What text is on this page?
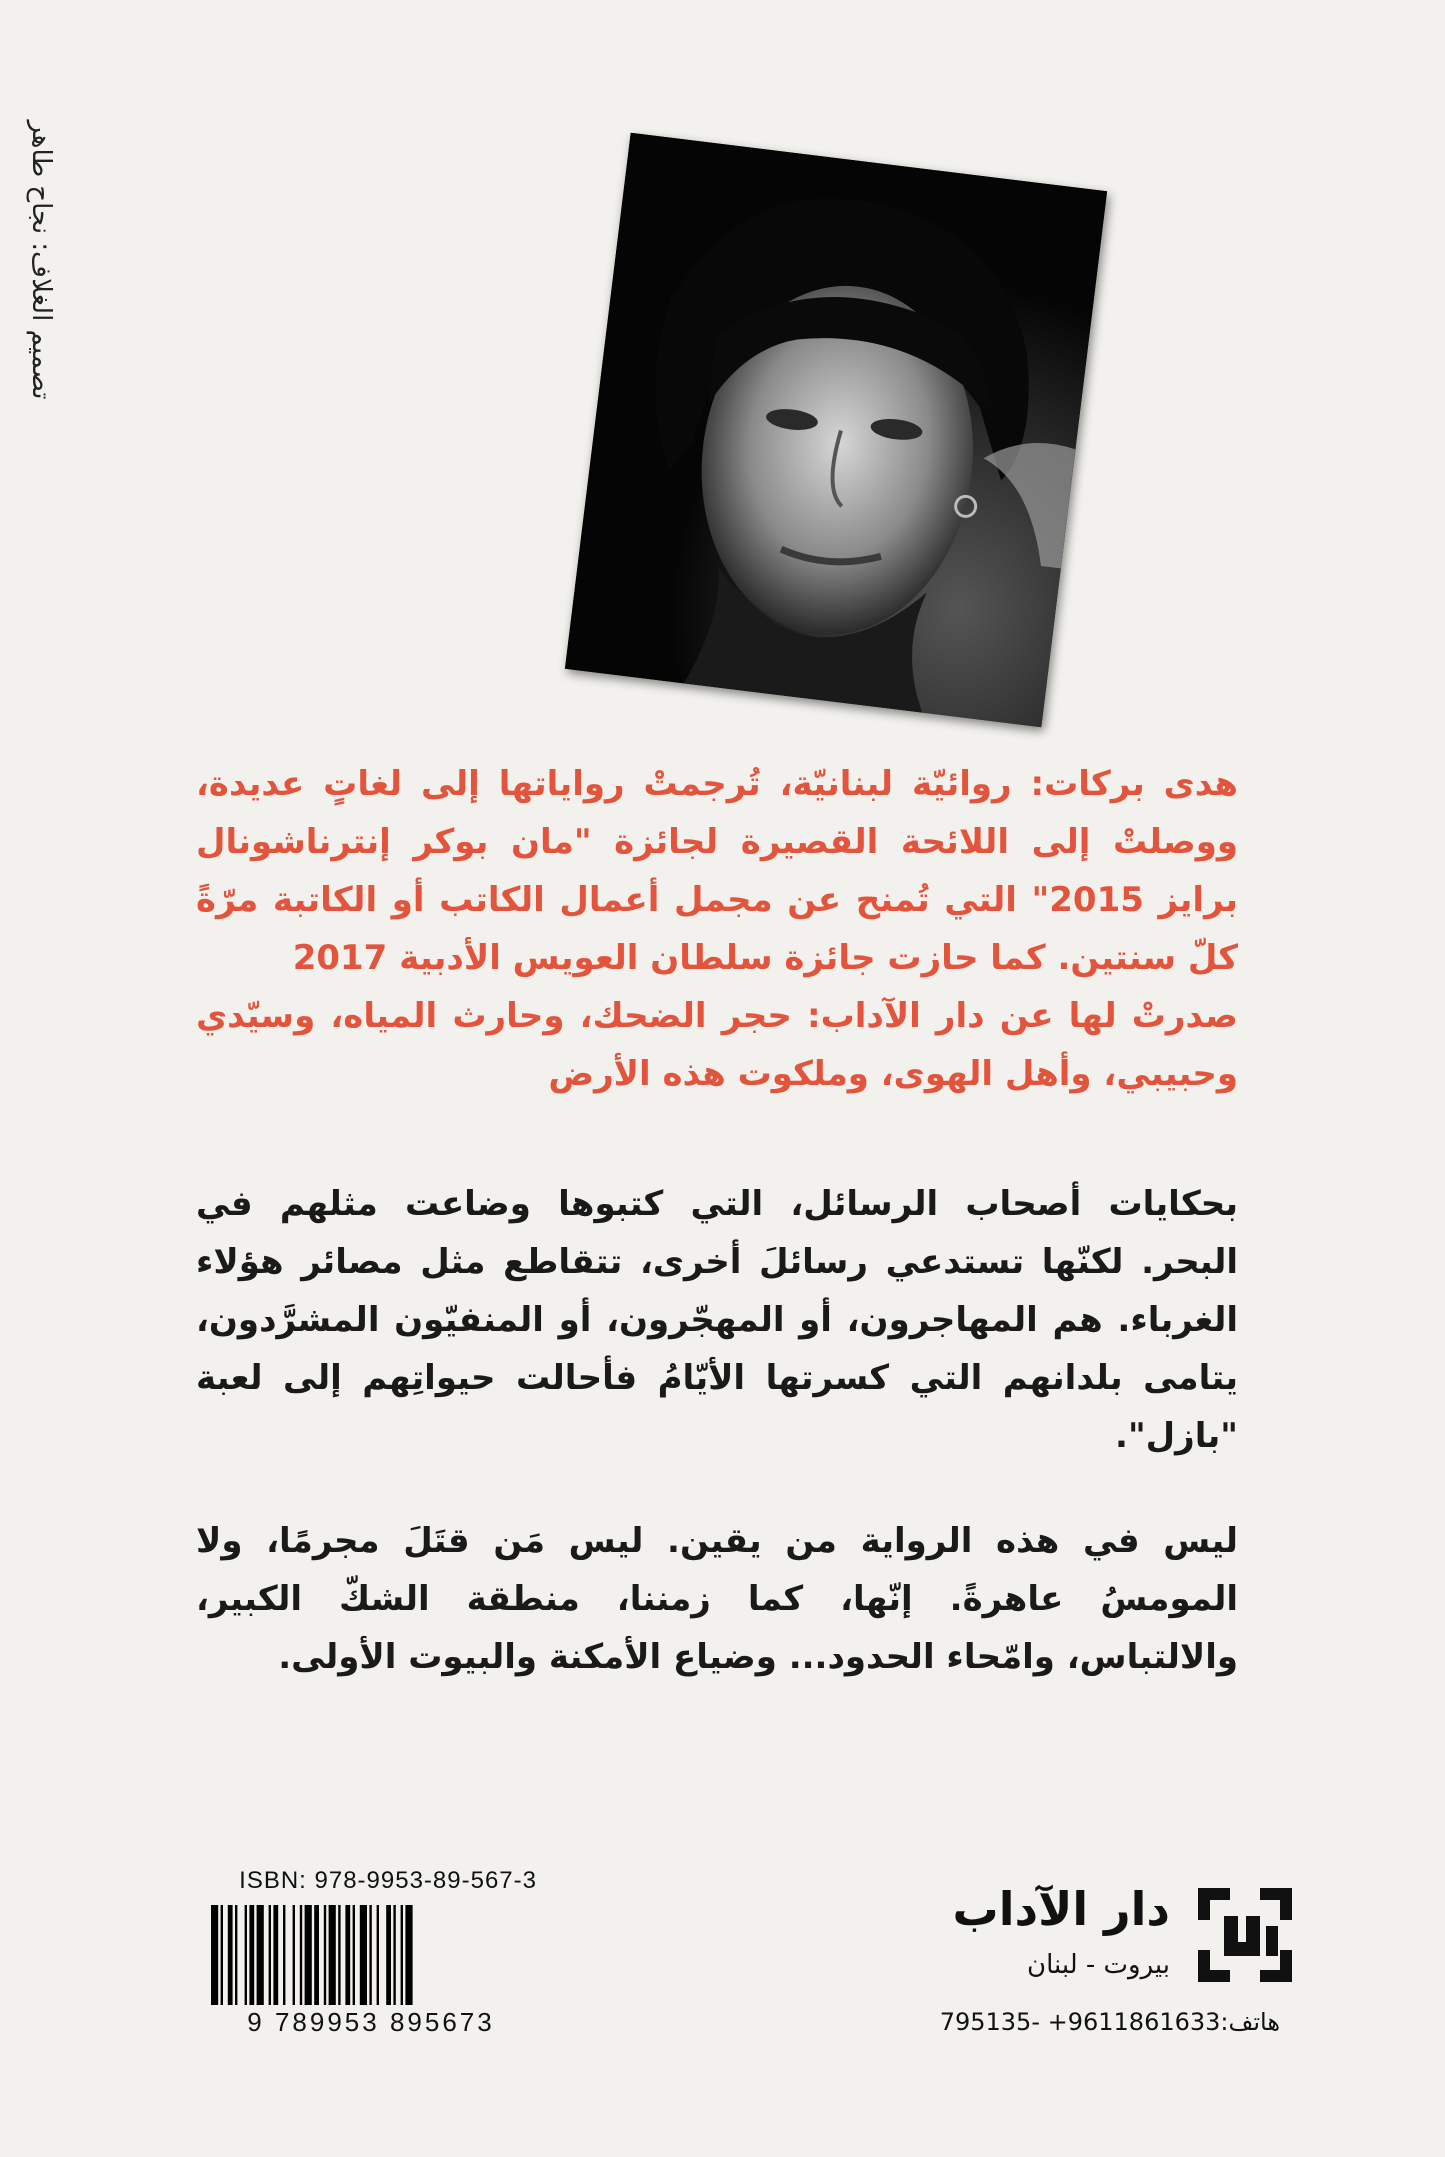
تصميم الغلاف: نجاح طاهر

هدى بركات: روائيّة لبنانيّة، تُرجمتْ رواياتها إلى لغاتٍ عديدة، ووصلتْ إلى اللائحة القصيرة لجائزة "مان بوكر إنترناشونال برايز 2015" التي تُمنح عن مجمل أعمال الكاتب أو الكاتبة مرّةً كلّ سنتين. كما حازت جائزة سلطان العويس الأدبية 2017

صدرتْ لها عن دار الآداب: حجر الضحك، وحارث المياه، وسيّدي وحبيبي، وأهل الهوى، وملكوت هذه الأرض

بحكايات أصحاب الرسائل، التي كتبوها وضاعت مثلهم في البحر. لكنّها تستدعي رسائلَ أخرى، تتقاطع مثل مصائر هؤلاء الغرباء. هم المهاجرون، أو المهجّرون، أو المنفيّون المشرَّدون، يتامى بلدانهم التي كسرتها الأيّامُ فأحالت حيواتِهم إلى لعبة "بازل".
ليس في هذه الرواية من يقين. ليس مَن قتَلَ مجرمًا، ولا المومسُ عاهرةً. إنّها، كما زمننا، منطقة الشكّ الكبير، والالتباس، وامّحاء الحدود... وضياع الأمكنة والبيوت الأولى.
ISBN: 978-9953-89-567-3
9 789953 895673
دار الآداب
بيروت - لبنان
هاتف:795135- +9611861633
